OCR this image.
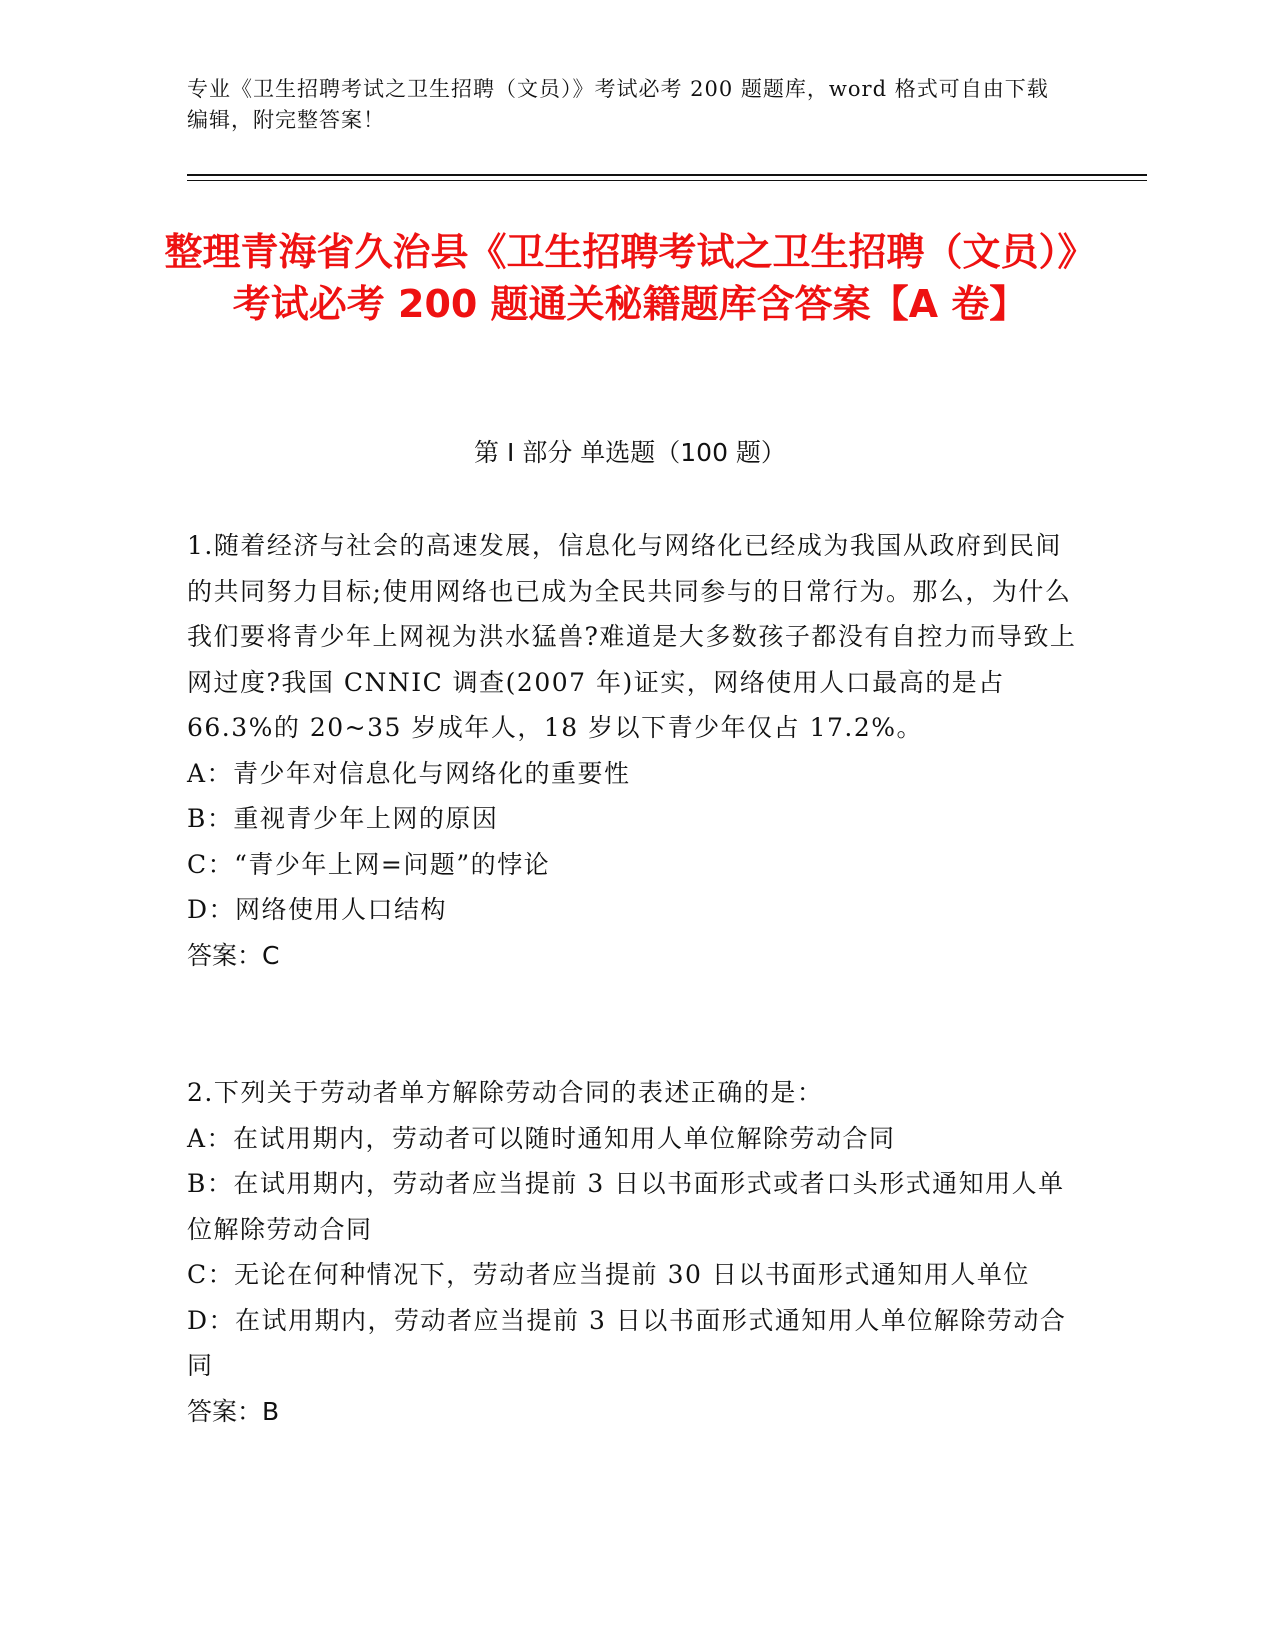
专业《卫生招聘考试之卫生招聘（文员）》考试必考 200 题题库，word 格式可自由下载编辑，附完整答案！
整理青海省久治县《卫生招聘考试之卫生招聘（文员）》考试必考 200 题通关秘籍题库含答案【A 卷】
第 I 部分 单选题（100 题）

1.随着经济与社会的高速发展，信息化与网络化已经成为我国从政府到民间的共同努力目标;使用网络也已成为全民共同参与的日常行为。那么，为什么我们要将青少年上网视为洪水猛兽?难道是大多数孩子都没有自控力而导致上网过度?我国 CNNIC 调查(2007 年)证实，网络使用人口最高的是占 66.3%的 20~35 岁成年人，18 岁以下青少年仅占 17.2%。

A：青少年对信息化与网络化的重要性

B：重视青少年上网的原因

C：“青少年上网=问题”的悖论

D：网络使用人口结构

答案：C

2.下列关于劳动者单方解除劳动合同的表述正确的是：

A：在试用期内，劳动者可以随时通知用人单位解除劳动合同

B：在试用期内，劳动者应当提前 3 日以书面形式或者口头形式通知用人单位解除劳动合同

C：无论在何种情况下，劳动者应当提前 30 日以书面形式通知用人单位

D：在试用期内，劳动者应当提前 3 日以书面形式通知用人单位解除劳动合同

答案：B
